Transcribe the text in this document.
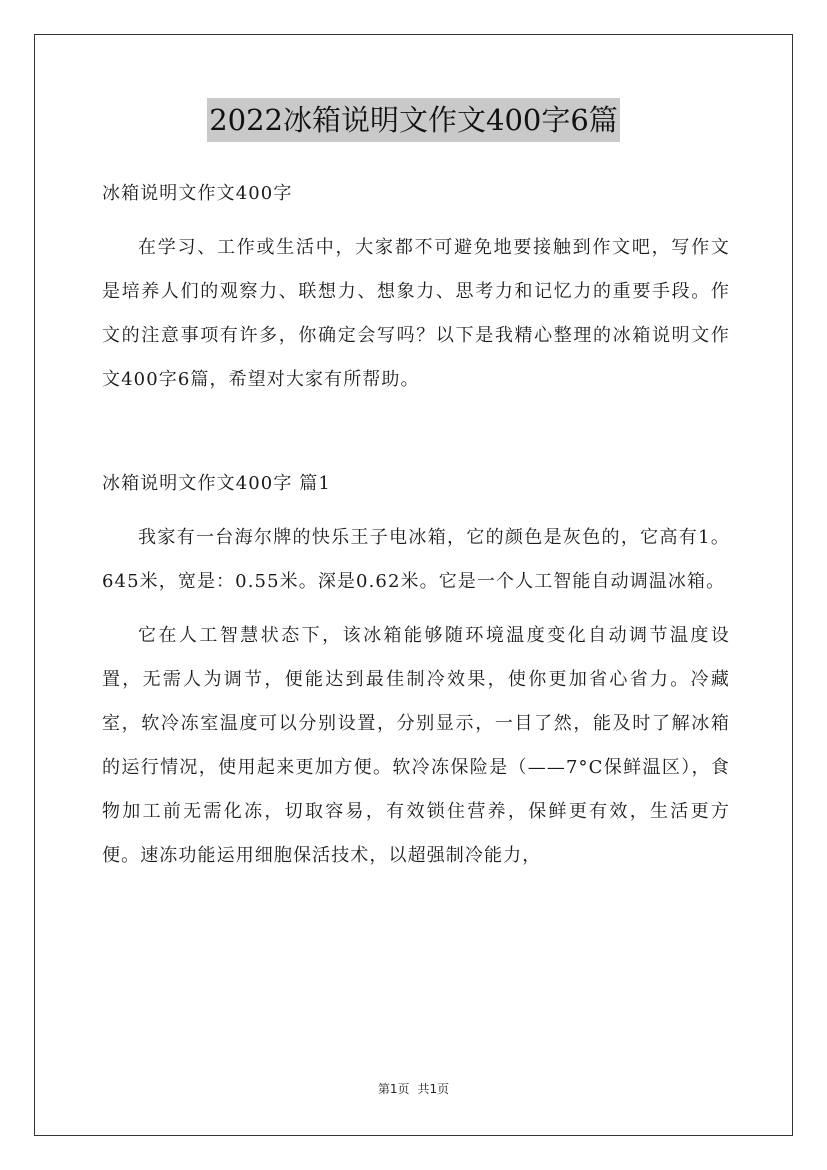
2022冰箱说明文作文400字6篇

冰箱说明文作文400字

在学习、工作或生活中，大家都不可避免地要接触到作文吧，写作文是培养人们的观察力、联想力、想象力、思考力和记忆力的重要手段。作文的注意事项有许多，你确定会写吗？以下是我精心整理的冰箱说明文作文400字6篇，希望对大家有所帮助。

冰箱说明文作文400字 篇1

我家有一台海尔牌的快乐王子电冰箱，它的颜色是灰色的，它高有1。645米，宽是：0.55米。深是0.62米。它是一个人工智能自动调温冰箱。

它在人工智慧状态下，该冰箱能够随环境温度变化自动调节温度设置，无需人为调节，便能达到最佳制冷效果，使你更加省心省力。冷藏室，软冷冻室温度可以分别设置，分别显示，一目了然，能及时了解冰箱的运行情况，使用起来更加方便。软冷冻保险是（——7°C保鲜温区），食物加工前无需化冻，切取容易，有效锁住营养，保鲜更有效，生活更方便。速冻功能运用细胞保活技术，以超强制冷能力，

第1页 共1页
